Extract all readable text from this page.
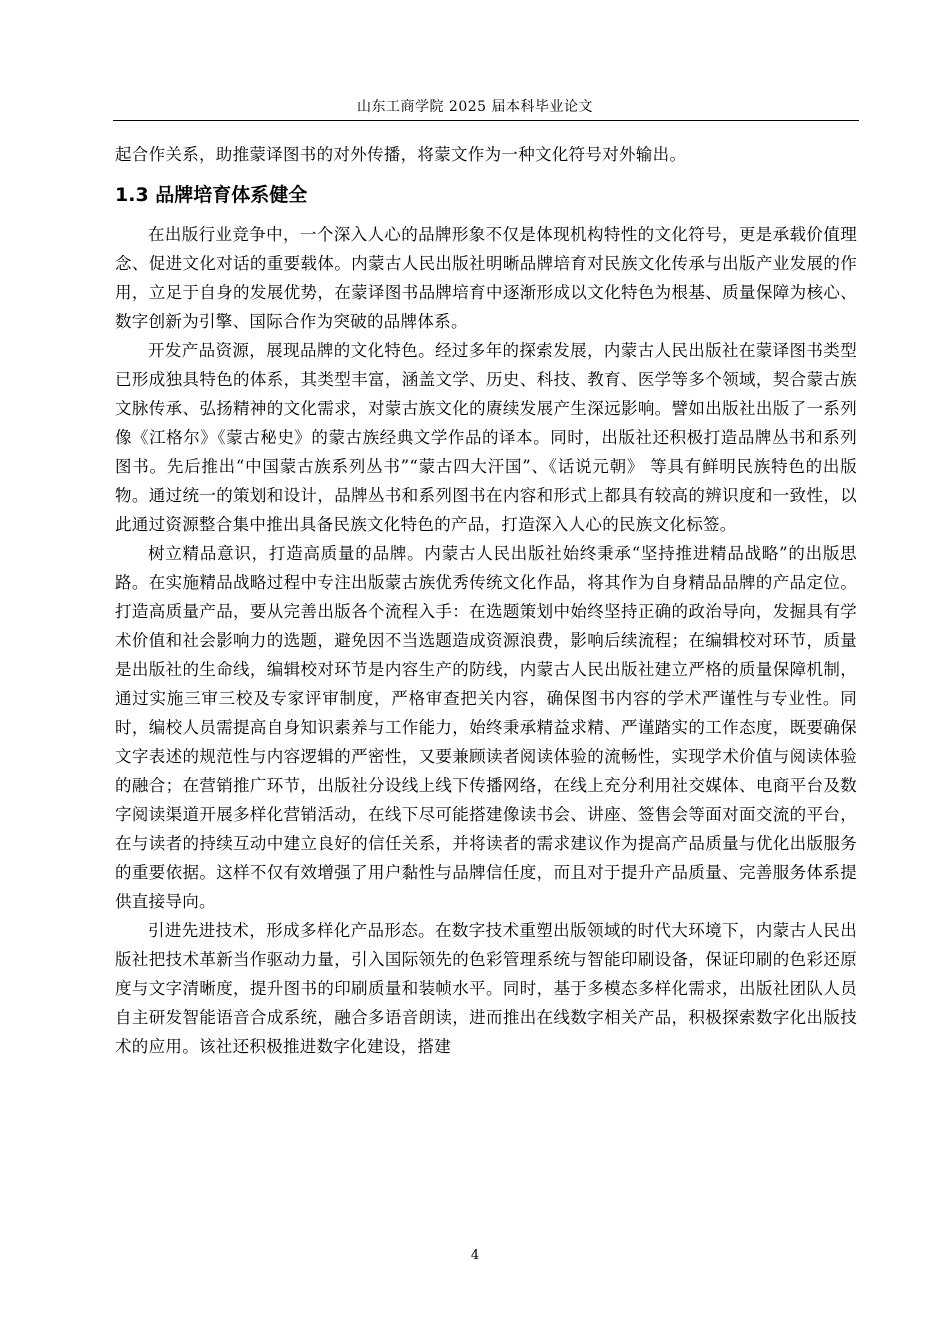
山东工商学院 2025 届本科毕业论文

起合作关系，助推蒙译图书的对外传播，将蒙文作为一种文化符号对外输出。

1.3 品牌培育体系健全

在出版行业竞争中，一个深入人心的品牌形象不仅是体现机构特性的文化符号，更是承载价值理念、促进文化对话的重要载体。内蒙古人民出版社明晰品牌培育对民族文化传承与出版产业发展的作用，立足于自身的发展优势，在蒙译图书品牌培育中逐渐形成以文化特色为根基、质量保障为核心、数字创新为引擎、国际合作为突破的品牌体系。

开发产品资源，展现品牌的文化特色。经过多年的探索发展，内蒙古人民出版社在蒙译图书类型已形成独具特色的体系，其类型丰富，涵盖文学、历史、科技、教育、医学等多个领域，契合蒙古族文脉传承、弘扬精神的文化需求，对蒙古族文化的赓续发展产生深远影响。譬如出版社出版了一系列像《江格尔》《蒙古秘史》的蒙古族经典文学作品的译本。同时，出版社还积极打造品牌丛书和系列图书。先后推出“中国蒙古族系列丛书”“蒙古四大汗国”、《话说元朝》 等具有鲜明民族特色的出版物。通过统一的策划和设计，品牌丛书和系列图书在内容和形式上都具有较高的辨识度和一致性，以此通过资源整合集中推出具备民族文化特色的产品，打造深入人心的民族文化标签。

树立精品意识，打造高质量的品牌。内蒙古人民出版社始终秉承“坚持推进精品战略”的出版思路。在实施精品战略过程中专注出版蒙古族优秀传统文化作品，将其作为自身精品品牌的产品定位。打造高质量产品，要从完善出版各个流程入手：在选题策划中始终坚持正确的政治导向，发掘具有学术价值和社会影响力的选题，避免因不当选题造成资源浪费，影响后续流程；在编辑校对环节，质量是出版社的生命线，编辑校对环节是内容生产的防线，内蒙古人民出版社建立严格的质量保障机制，通过实施三审三校及专家评审制度，严格审查把关内容，确保图书内容的学术严谨性与专业性。同时，编校人员需提高自身知识素养与工作能力，始终秉承精益求精、严谨踏实的工作态度，既要确保文字表述的规范性与内容逻辑的严密性，又要兼顾读者阅读体验的流畅性，实现学术价值与阅读体验的融合；在营销推广环节，出版社分设线上线下传播网络，在线上充分利用社交媒体、电商平台及数字阅读渠道开展多样化营销活动，在线下尽可能搭建像读书会、讲座、签售会等面对面交流的平台，在与读者的持续互动中建立良好的信任关系，并将读者的需求建议作为提高产品质量与优化出版服务的重要依据。这样不仅有效增强了用户黏性与品牌信任度，而且对于提升产品质量、完善服务体系提供直接导向。

引进先进技术，形成多样化产品形态。在数字技术重塑出版领域的时代大环境下，内蒙古人民出版社把技术革新当作驱动力量，引入国际领先的色彩管理系统与智能印刷设备，保证印刷的色彩还原度与文字清晰度，提升图书的印刷质量和装帧水平。同时，基于多模态多样化需求，出版社团队人员自主研发智能语音合成系统，融合多语音朗读，进而推出在线数字相关产品，积极探索数字化出版技术的应用。该社还积极推进数字化建设，搭建

4
